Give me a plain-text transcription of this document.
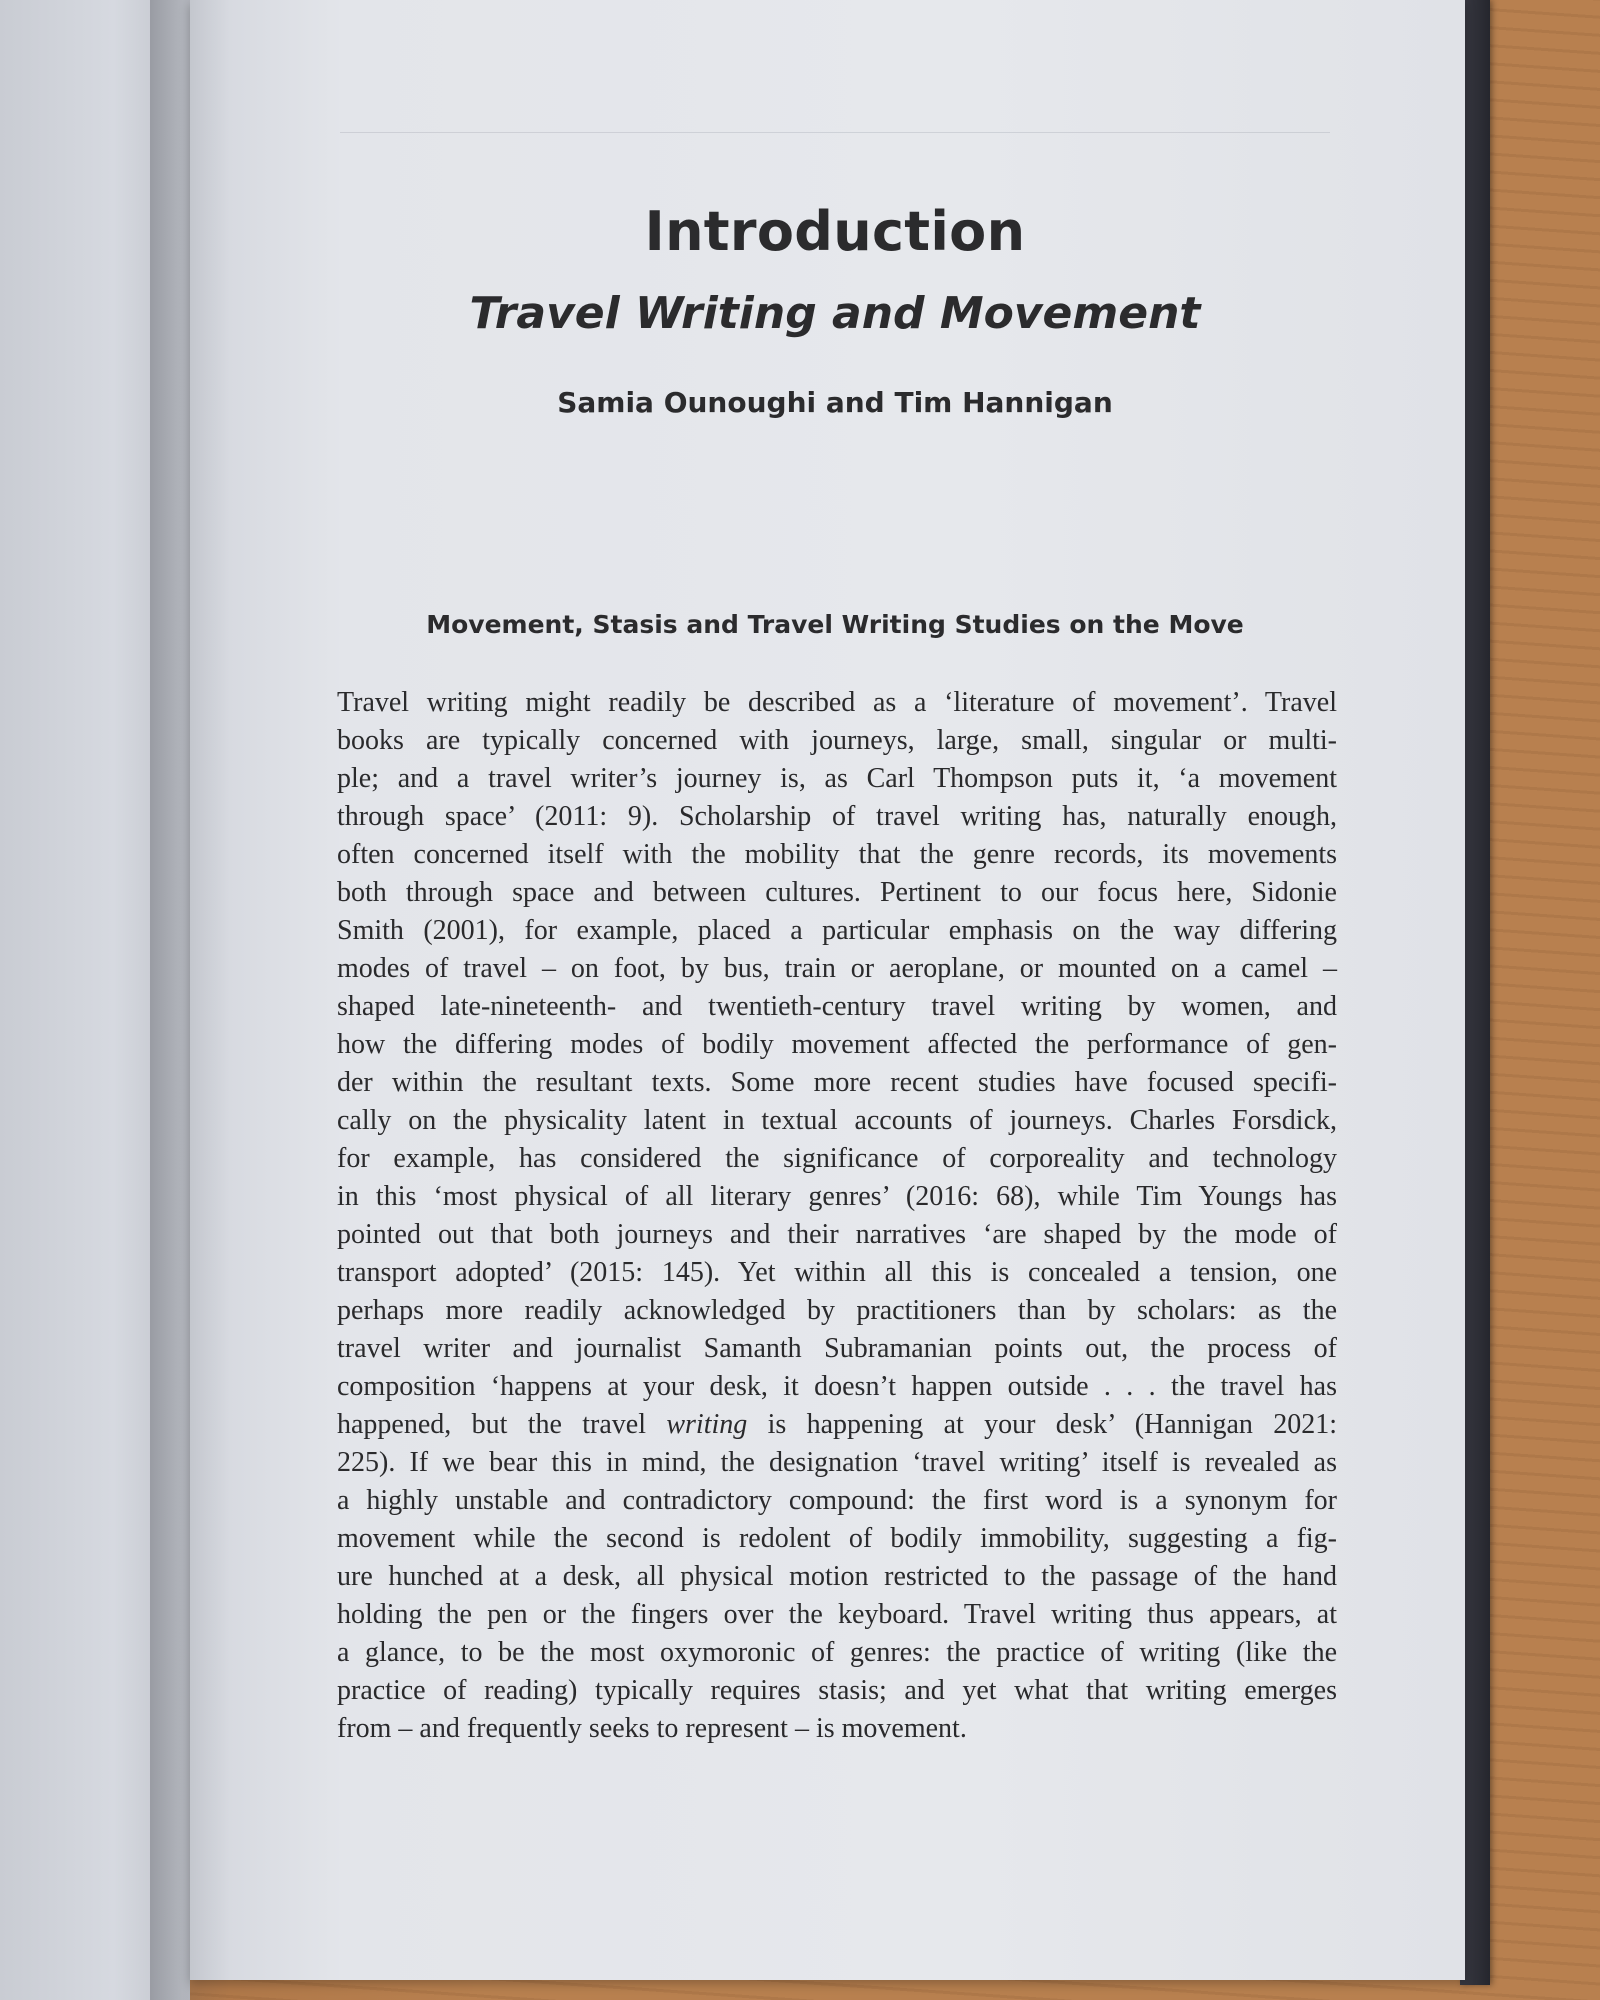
Introduction
Travel Writing and Movement
Samia Ounoughi and Tim Hannigan
Movement, Stasis and Travel Writing Studies on the Move
Travel writing might readily be described as a ‘literature of movement’. Travel
books are typically concerned with journeys, large, small, singular or multi-
ple; and a travel writer’s journey is, as Carl Thompson puts it, ‘a movement
through space’ (2011: 9). Scholarship of travel writing has, naturally enough,
often concerned itself with the mobility that the genre records, its movements
both through space and between cultures. Pertinent to our focus here, Sidonie
Smith (2001), for example, placed a particular emphasis on the way differing
modes of travel – on foot, by bus, train or aeroplane, or mounted on a camel –
shaped late-nineteenth- and twentieth-century travel writing by women, and
how the differing modes of bodily movement affected the performance of gen-
der within the resultant texts. Some more recent studies have focused specifi-
cally on the physicality latent in textual accounts of journeys. Charles Forsdick,
for example, has considered the significance of corporeality and technology
in this ‘most physical of all literary genres’ (2016: 68), while Tim Youngs has
pointed out that both journeys and their narratives ‘are shaped by the mode of
transport adopted’ (2015: 145). Yet within all this is concealed a tension, one
perhaps more readily acknowledged by practitioners than by scholars: as the
travel writer and journalist Samanth Subramanian points out, the process of
composition ‘happens at your desk, it doesn’t happen outside . . . the travel has
happened, but the travel writing is happening at your desk’ (Hannigan 2021:
225). If we bear this in mind, the designation ‘travel writing’ itself is revealed as
a highly unstable and contradictory compound: the first word is a synonym for
movement while the second is redolent of bodily immobility, suggesting a fig-
ure hunched at a desk, all physical motion restricted to the passage of the hand
holding the pen or the fingers over the keyboard. Travel writing thus appears, at
a glance, to be the most oxymoronic of genres: the practice of writing (like the
practice of reading) typically requires stasis; and yet what that writing emerges
from – and frequently seeks to represent – is movement.
